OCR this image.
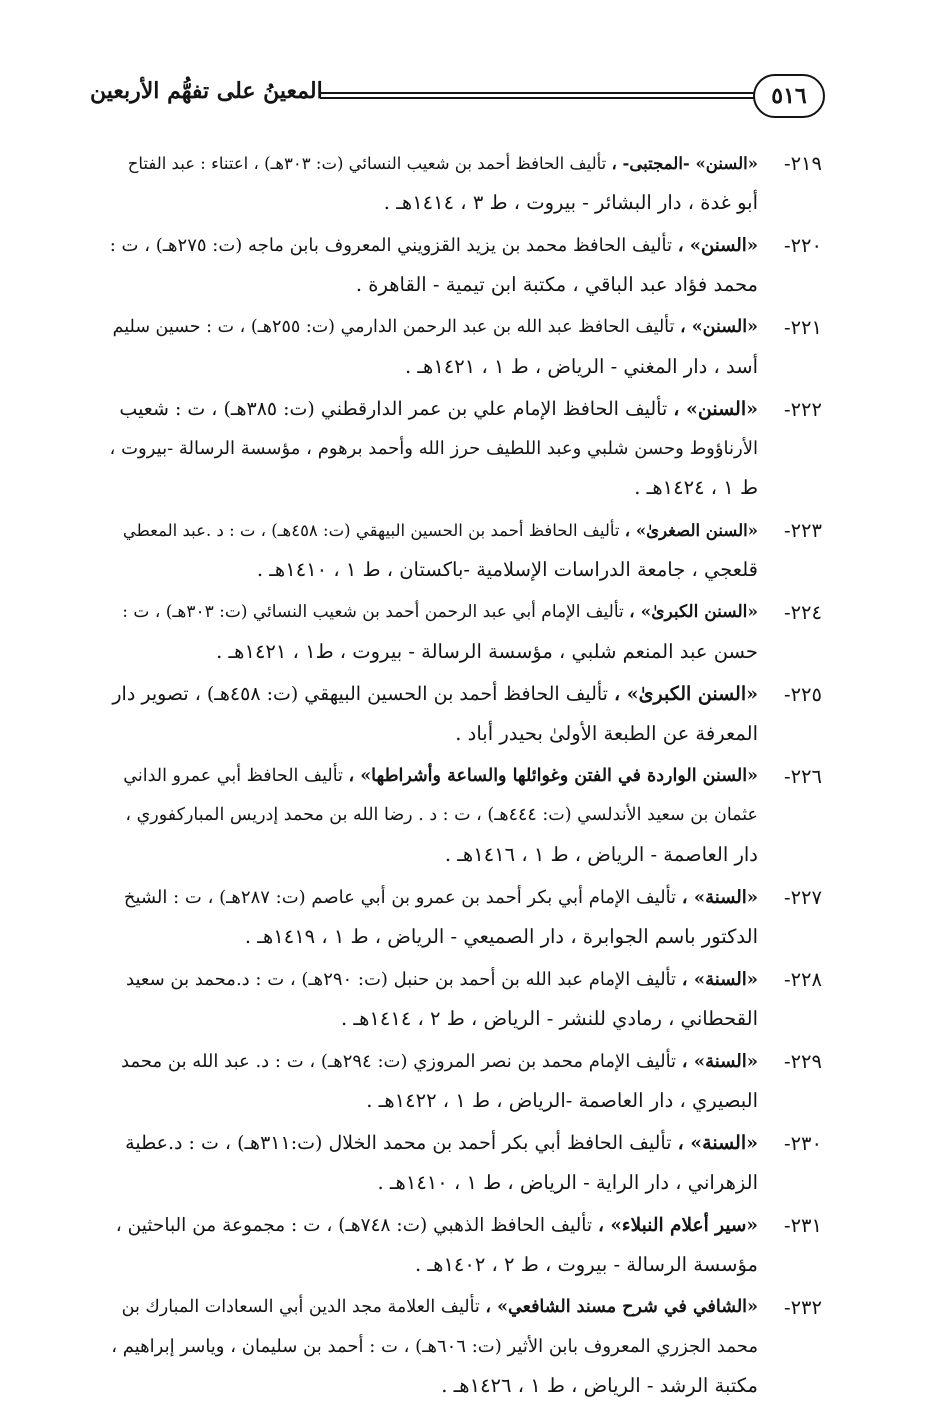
٥١٦
المعينُ على تفهُّم الأربعين
٢١٩-
«السنن» -المجتبى- ، تأليف الحافظ أحمد بن شعيب النسائي (ت: ٣٠٣هـ) ، اعتناء : عبد الفتاح
أبو غدة ، دار البشائر - بيروت ، ط ٣ ، ١٤١٤هـ .
٢٢٠-
«السنن» ، تأليف الحافظ محمد بن يزيد القزويني المعروف بابن ماجه (ت: ٢٧٥هـ) ، ت :
محمد فؤاد عبد الباقي ، مكتبة ابن تيمية - القاهرة .
٢٢١-
«السنن» ، تأليف الحافظ عبد الله بن عبد الرحمن الدارمي (ت: ٢٥٥هـ) ، ت : حسين سليم
أسد ، دار المغني - الرياض ، ط ١ ، ١٤٢١هـ .
٢٢٢-
«السنن» ، تأليف الحافظ الإمام علي بن عمر الدارقطني (ت: ٣٨٥هـ) ، ت : شعيب
الأرناؤوط وحسن شلبي وعبد اللطيف حرز الله وأحمد برهوم ، مؤسسة الرسالة -بيروت ،
ط ١ ، ١٤٢٤هـ .
٢٢٣-
«السنن الصغرىٰ» ، تأليف الحافظ أحمد بن الحسين البيهقي (ت: ٤٥٨هـ) ، ت : د .عبد المعطي
قلعجي ، جامعة الدراسات الإسلامية -باكستان ، ط ١ ، ١٤١٠هـ .
٢٢٤-
«السنن الكبرىٰ» ، تأليف الإمام أبي عبد الرحمن أحمد بن شعيب النسائي (ت: ٣٠٣هـ) ، ت :
حسن عبد المنعم شلبي ، مؤسسة الرسالة - بيروت ، ط١ ، ١٤٢١هـ .
٢٢٥-
«السنن الكبرىٰ» ، تأليف الحافظ أحمد بن الحسين البيهقي (ت: ٤٥٨هـ) ، تصوير دار
المعرفة عن الطبعة الأولىٰ بحيدر أباد .
٢٢٦-
«السنن الواردة في الفتن وغوائلها والساعة وأشراطها» ، تأليف الحافظ أبي عمرو الداني
عثمان بن سعيد الأندلسي (ت: ٤٤٤هـ) ، ت : د . رضا الله بن محمد إدريس المباركفوري ،
دار العاصمة - الرياض ، ط ١ ، ١٤١٦هـ .
٢٢٧-
«السنة» ، تأليف الإمام أبي بكر أحمد بن عمرو بن أبي عاصم (ت: ٢٨٧هـ) ، ت : الشيخ
الدكتور باسم الجوابرة ، دار الصميعي - الرياض ، ط ١ ، ١٤١٩هـ .
٢٢٨-
«السنة» ، تأليف الإمام عبد الله بن أحمد بن حنبل (ت: ٢٩٠هـ) ، ت : د.محمد بن سعيد
القحطاني ، رمادي للنشر - الرياض ، ط ٢ ، ١٤١٤هـ .
٢٢٩-
«السنة» ، تأليف الإمام محمد بن نصر المروزي (ت: ٢٩٤هـ) ، ت : د. عبد الله بن محمد
البصيري ، دار العاصمة -الرياض ، ط ١ ، ١٤٢٢هـ .
٢٣٠-
«السنة» ، تأليف الحافظ أبي بكر أحمد بن محمد الخلال (ت:٣١١هـ) ، ت : د.عطية
الزهراني ، دار الراية - الرياض ، ط ١ ، ١٤١٠هـ .
٢٣١-
«سير أعلام النبلاء» ، تأليف الحافظ الذهبي (ت: ٧٤٨هـ) ، ت : مجموعة من الباحثين ،
مؤسسة الرسالة - بيروت ، ط ٢ ، ١٤٠٢هـ .
٢٣٢-
«الشافي في شرح مسند الشافعي» ، تأليف العلامة مجد الدين أبي السعادات المبارك بن
محمد الجزري المعروف بابن الأثير (ت: ٦٠٦هـ) ، ت : أحمد بن سليمان ، وياسر إبراهيم ،
مكتبة الرشد - الرياض ، ط ١ ، ١٤٢٦هـ .
